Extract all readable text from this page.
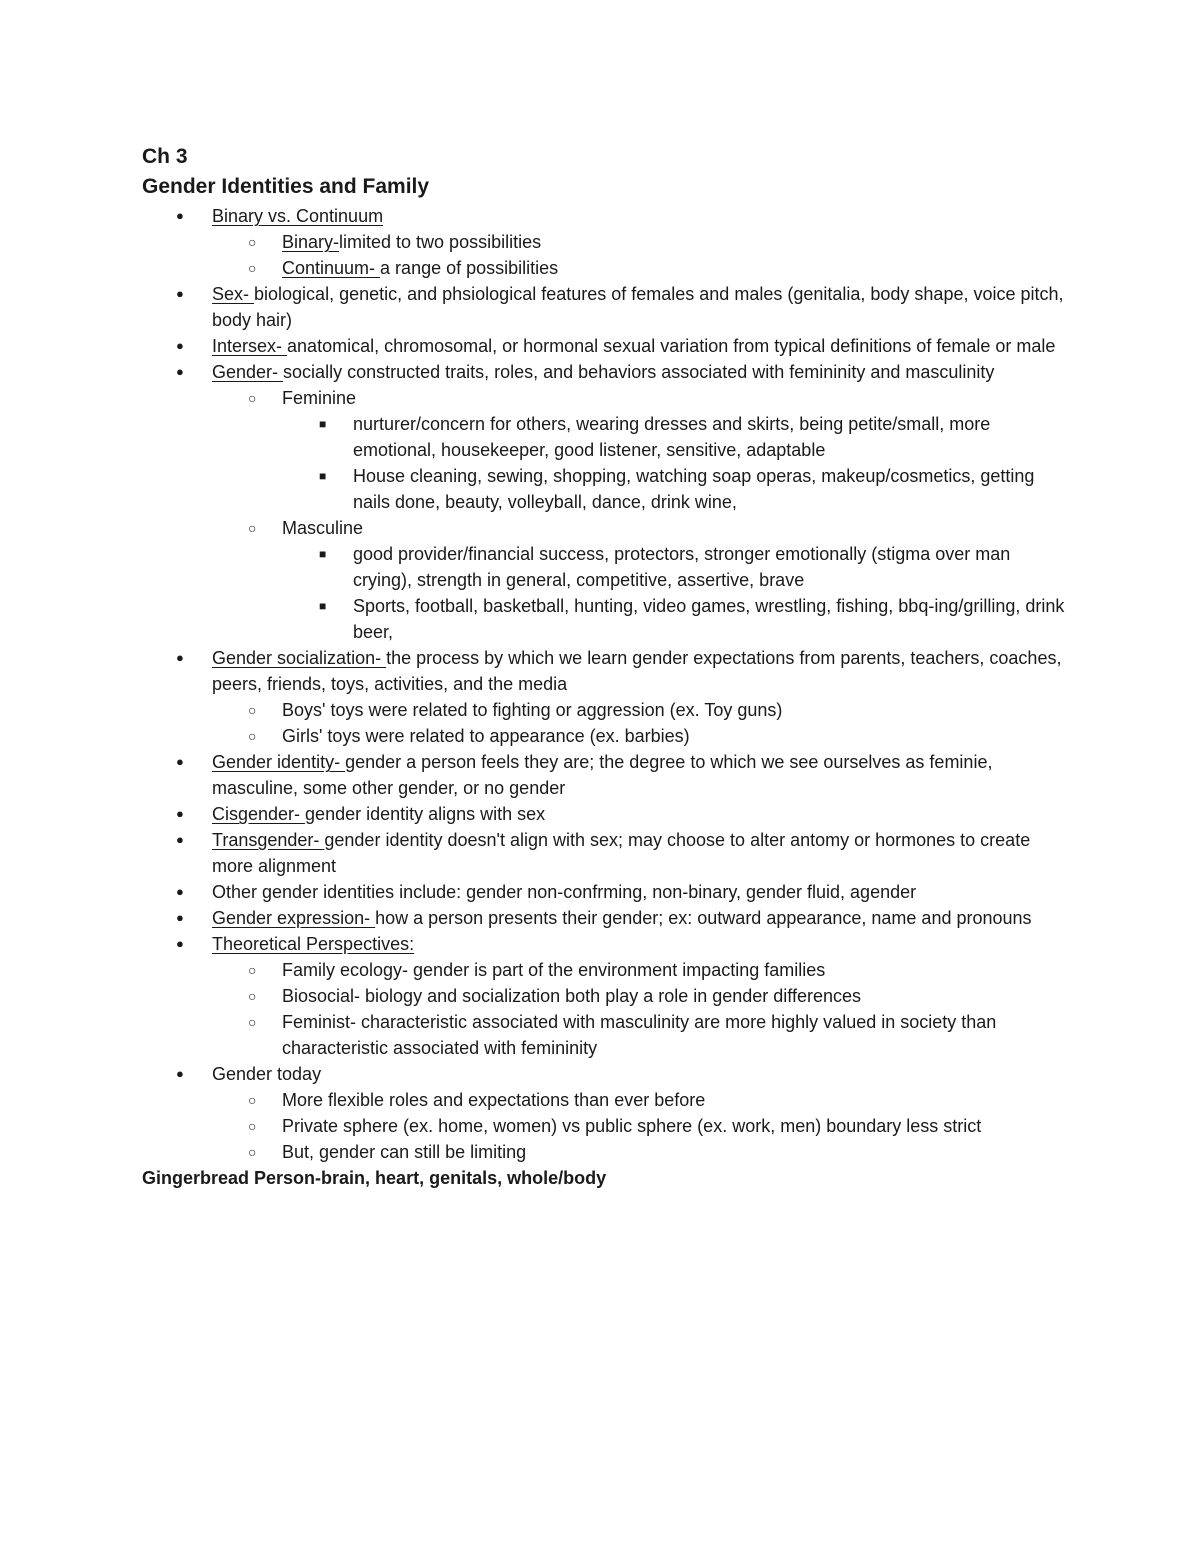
Ch 3
Gender Identities and Family
● Binary vs. Continuum
○ Binary-limited to two possibilities
○ Continuum- a range of possibilities
● Sex- biological, genetic, and phsiological features of females and males (genitalia, body shape, voice pitch, body hair)
● Intersex- anatomical, chromosomal, or hormonal sexual variation from typical definitions of female or male
● Gender- socially constructed traits, roles, and behaviors associated with femininity and masculinity
○ Feminine
■ nurturer/concern for others, wearing dresses and skirts, being petite/small, more emotional, housekeeper, good listener, sensitive, adaptable
■ House cleaning, sewing, shopping, watching soap operas, makeup/cosmetics, getting nails done, beauty, volleyball, dance, drink wine,
○ Masculine
■ good provider/financial success, protectors, stronger emotionally (stigma over man crying), strength in general, competitive, assertive, brave
■ Sports, football, basketball, hunting, video games, wrestling, fishing, bbq-ing/grilling, drink beer,
● Gender socialization- the process by which we learn gender expectations from parents, teachers, coaches, peers, friends, toys, activities, and the media
○ Boys' toys were related to fighting or aggression (ex. Toy guns)
○ Girls' toys were related to appearance (ex. barbies)
● Gender identity- gender a person feels they are; the degree to which we see ourselves as feminie, masculine, some other gender, or no gender
● Cisgender- gender identity aligns with sex
● Transgender- gender identity doesn't align with sex; may choose to alter antomy or hormones to create more alignment
● Other gender identities include: gender non-confrming, non-binary, gender fluid, agender
● Gender expression- how a person presents their gender; ex: outward appearance, name and pronouns
● Theoretical Perspectives:
○ Family ecology- gender is part of the environment impacting families
○ Biosocial- biology and socialization both play a role in gender differences
○ Feminist- characteristic associated with masculinity are more highly valued in society than characteristic associated with femininity
● Gender today
○ More flexible roles and expectations than ever before
○ Private sphere (ex. home, women) vs public sphere (ex. work, men) boundary less strict
○ But, gender can still be limiting
Gingerbread Person-brain, heart, genitals, whole/body
